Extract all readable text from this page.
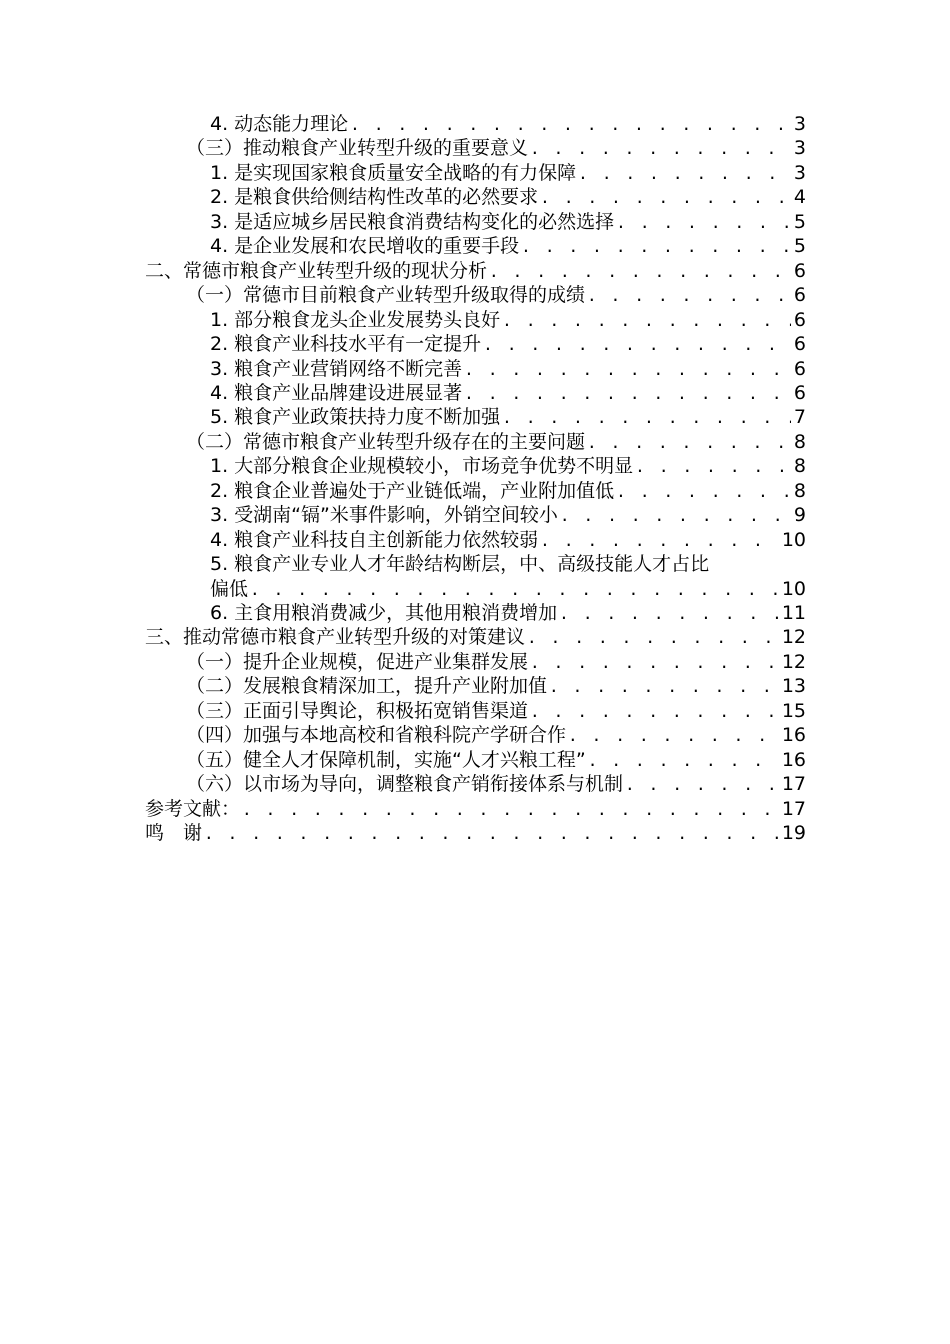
4. 动态能力理论 . . .	3
（三）推动粮食产业转型升级的重要意义 . . .	3
1. 是实现国家粮食质量安全战略的有力保障 . . .	3
2. 是粮食供给侧结构性改革的必然要求 . . .	4
3. 是适应城乡居民粮食消费结构变化的必然选择 . . .	5
4. 是企业发展和农民增收的重要手段 . . .	5
二、常德市粮食产业转型升级的现状分析 . . .	6
（一）常德市目前粮食产业转型升级取得的成绩 . . .	6
1. 部分粮食龙头企业发展势头良好 . . .	6
2. 粮食产业科技水平有一定提升 . . .	6
3. 粮食产业营销网络不断完善 . . .	6
4. 粮食产业品牌建设进展显著 . . .	6
5. 粮食产业政策扶持力度不断加强 . . .	7
（二）常德市粮食产业转型升级存在的主要问题 . . .	8
1. 大部分粮食企业规模较小，市场竞争优势不明显 . . .	8
2. 粮食企业普遍处于产业链低端，产业附加值低 . . .	8
3. 受湖南“镉”米事件影响，外销空间较小 . . .	9
4. 粮食产业科技自主创新能力依然较弱 . . .	10
5. 粮食产业专业人才年龄结构断层，中、高级技能人才占比
偏低 . . .	10
6. 主食用粮消费减少，其他用粮消费增加 . . .	11
三、推动常德市粮食产业转型升级的对策建议 . . .	12
（一）提升企业规模，促进产业集群发展 . . .	12
（二）发展粮食精深加工，提升产业附加值 . . .	13
（三）正面引导舆论，积极拓宽销售渠道 . . .	15
（四）加强与本地高校和省粮科院产学研合作 . . .	16
（五）健全人才保障机制，实施“人才兴粮工程” . . .	16
（六）以市场为导向，调整粮食产销衔接体系与机制 . . .	17
参考文献： . . .	17
鸣　谢 . . .	19
